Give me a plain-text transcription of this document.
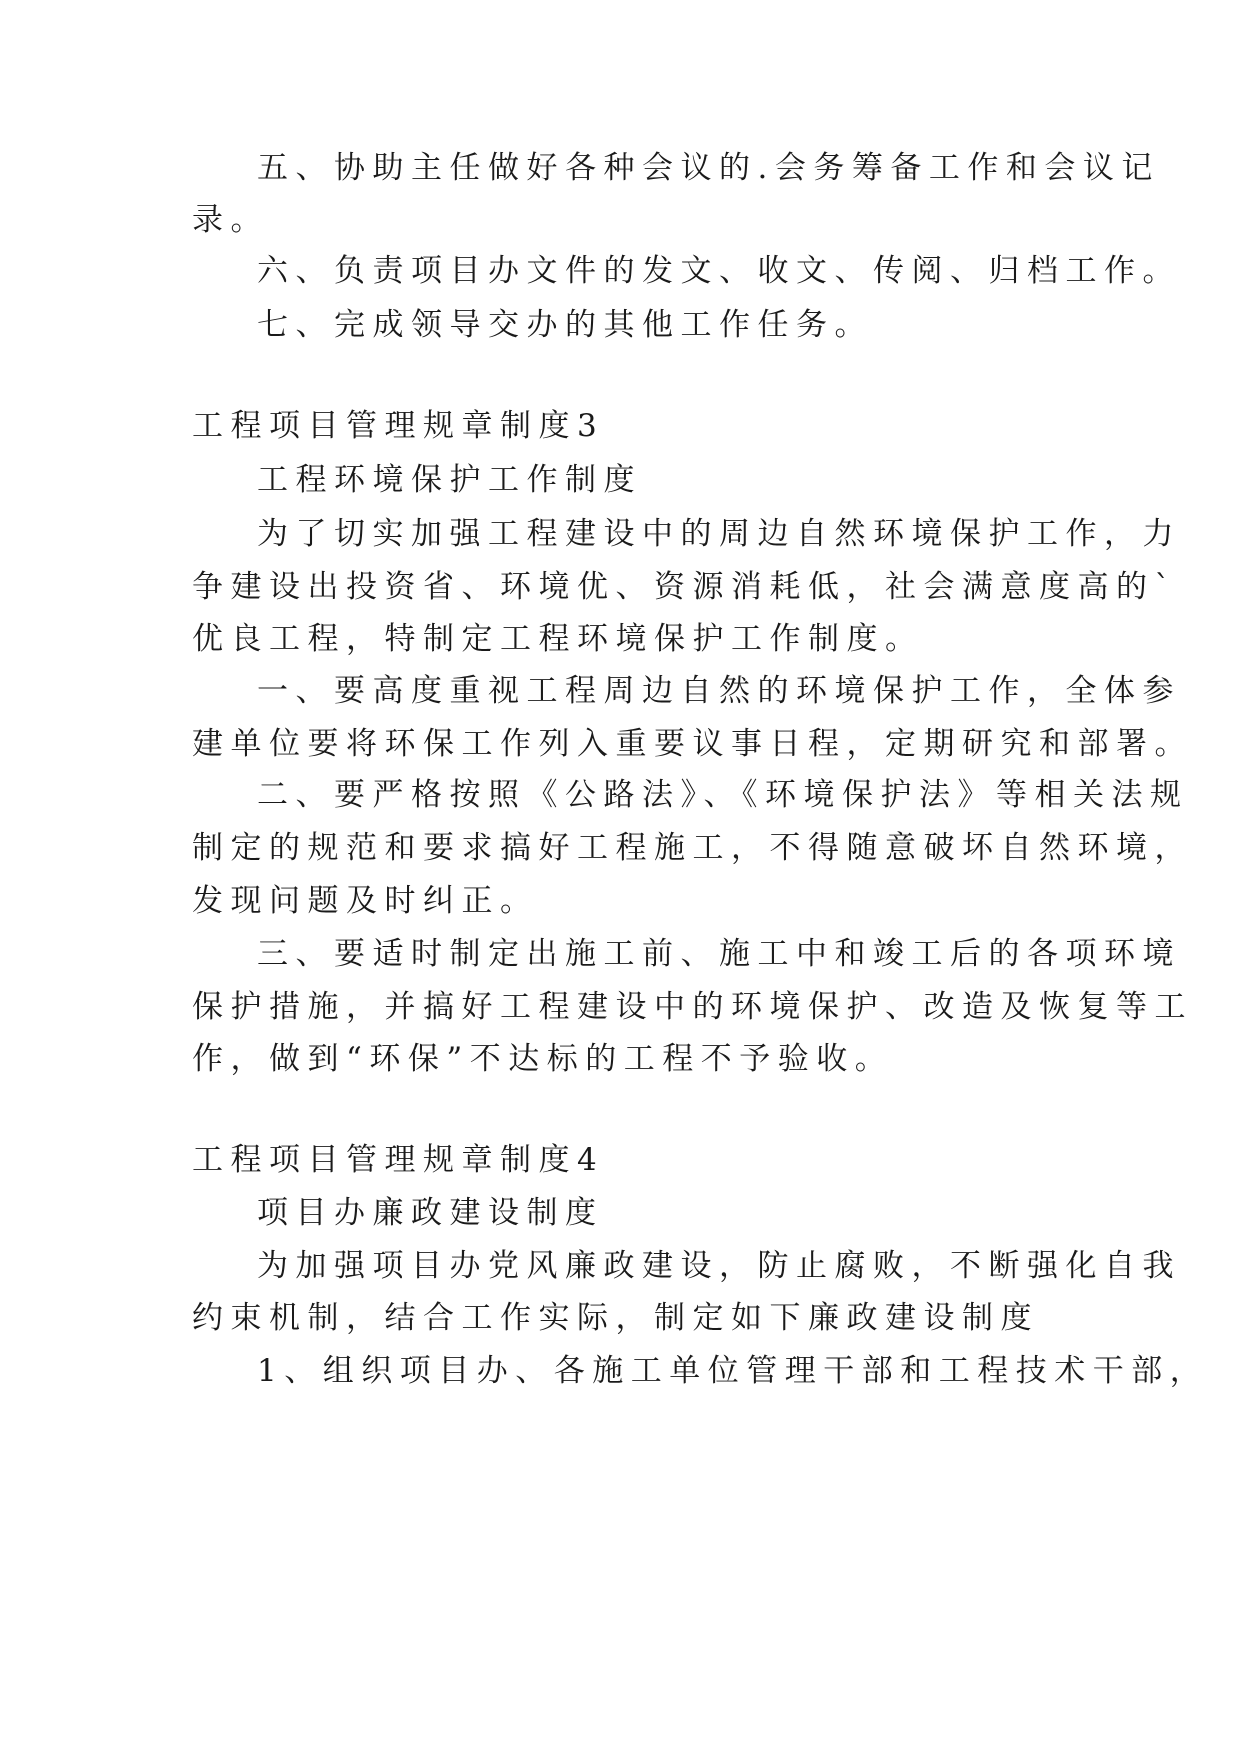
五、协助主任做好各种会议的.会务筹备工作和会议记
录。
六、负责项目办文件的发文、收文、传阅、归档工作。
七、完成领导交办的其他工作任务。
工程项目管理规章制度3
工程环境保护工作制度
为了切实加强工程建设中的周边自然环境保护工作，力
争建设出投资省、环境优、资源消耗低，社会满意度高的`
优良工程，特制定工程环境保护工作制度。
一、要高度重视工程周边自然的环境保护工作，全体参
建单位要将环保工作列入重要议事日程，定期研究和部署。
二、要严格按照《公路法》、《环境保护法》等相关法规
制定的规范和要求搞好工程施工，不得随意破坏自然环境，
发现问题及时纠正。
三、要适时制定出施工前、施工中和竣工后的各项环境
保护措施，并搞好工程建设中的环境保护、改造及恢复等工
作，做到“环保”不达标的工程不予验收。
工程项目管理规章制度4
项目办廉政建设制度
为加强项目办党风廉政建设，防止腐败，不断强化自我
约束机制，结合工作实际，制定如下廉政建设制度
1、组织项目办、各施工单位管理干部和工程技术干部，
